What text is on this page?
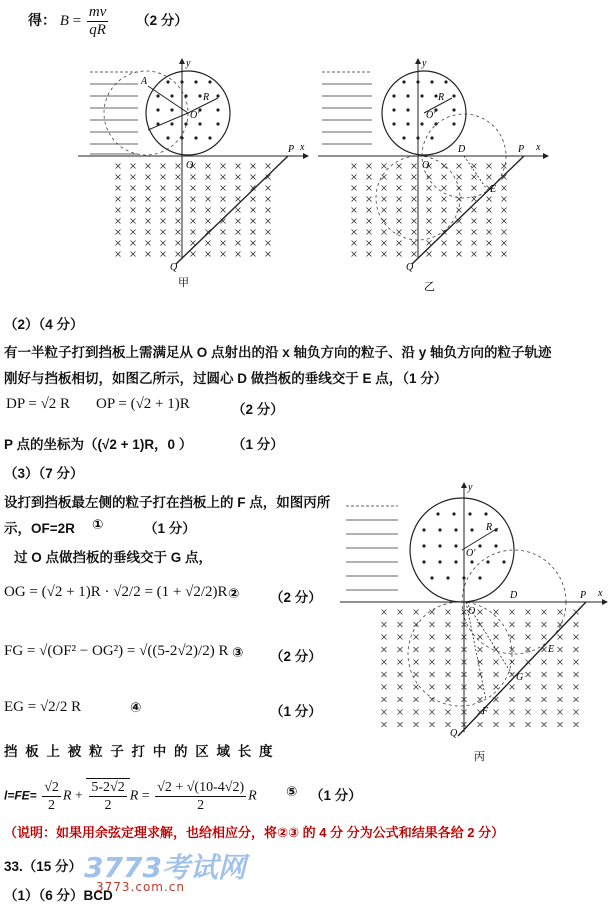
得： $B = \frac{mv}{qR} (2$ 分）
O
P
Q
y
x
A
R
O'
甲
O
D	P
E
Q
y
x
R
O'
乙
（2）（4 分）
有一半粒子打到挡板上需满足从 O 点射出的沿 x 轴负方向的粒子、沿 y 轴负方向的粒子轨迹
刚好与挡板相切，如图乙所示，过圆心 D 做挡板的垂线交于 E 点，（1 分）
DP = √2 R OP = (√2 + 1)R	（2 分）
P 点的坐标为（(√2 + 1)R，0 ）	（1 分）
（3）（7 分）
设打到挡板最左侧的粒子打在挡板上的 F 点，如图丙所
示，OF=2R ①	（1 分）
过 O 点做挡板的垂线交于 G 点，
OG = (√2 + 1)R · √2/2 = (1 + √2/2)R ② （2 分）
FG = √(OF² − OG²) = √((5-2√2)/2) R ③ （2 分）
EG = √2/2 R	④	（1 分）
挡 板 上 被 粒 子 打 中 的 区 域 长 度
$l=FE= \frac{√2}{2}$ $R + \frac{5-2√2}{2}$ $R = \frac{√2 + √(10-4√2)}{2}$ R ⑤ （1 分）
（说明：如果用余弦定理求解，也给相应分，将②③ 的 4 分 分为公式和结果各给 2 分）
O
D	P
E
G
F
Q
y
x
R
O'
丙
33.（15 分）
（1）（6 分）BCD
3773考试网
3773.com.cn
